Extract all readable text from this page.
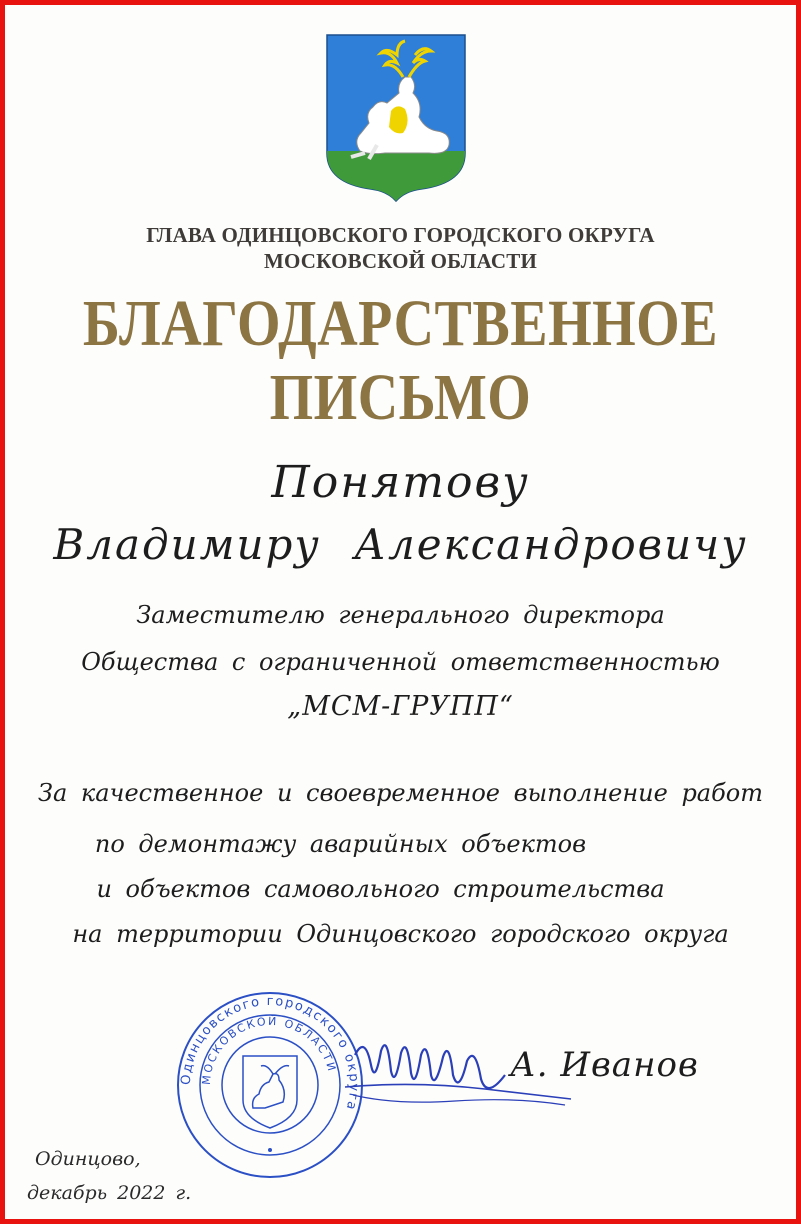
ГЛАВА ОДИНЦОВСКОГО ГОРОДСКОГО ОКРУГА
МОСКОВСКОЙ ОБЛАСТИ
БЛАГОДАРСТВЕННОЕ
ПИСЬМО
Понятову
Владимиру Александровичу
Заместителю генерального директора
Общества с ограниченной ответственностью
„МСМ-ГРУПП“
За качественное и своевременное выполнение работ
по демонтажу аварийных объектов
и объектов самовольного строительства
на территории Одинцовского городского округа
Одинцовского городского округа
МОСКОВСКОЙ ОБЛАСТИ	А. Иванов
Одинцово,
декабрь 2022 г.
